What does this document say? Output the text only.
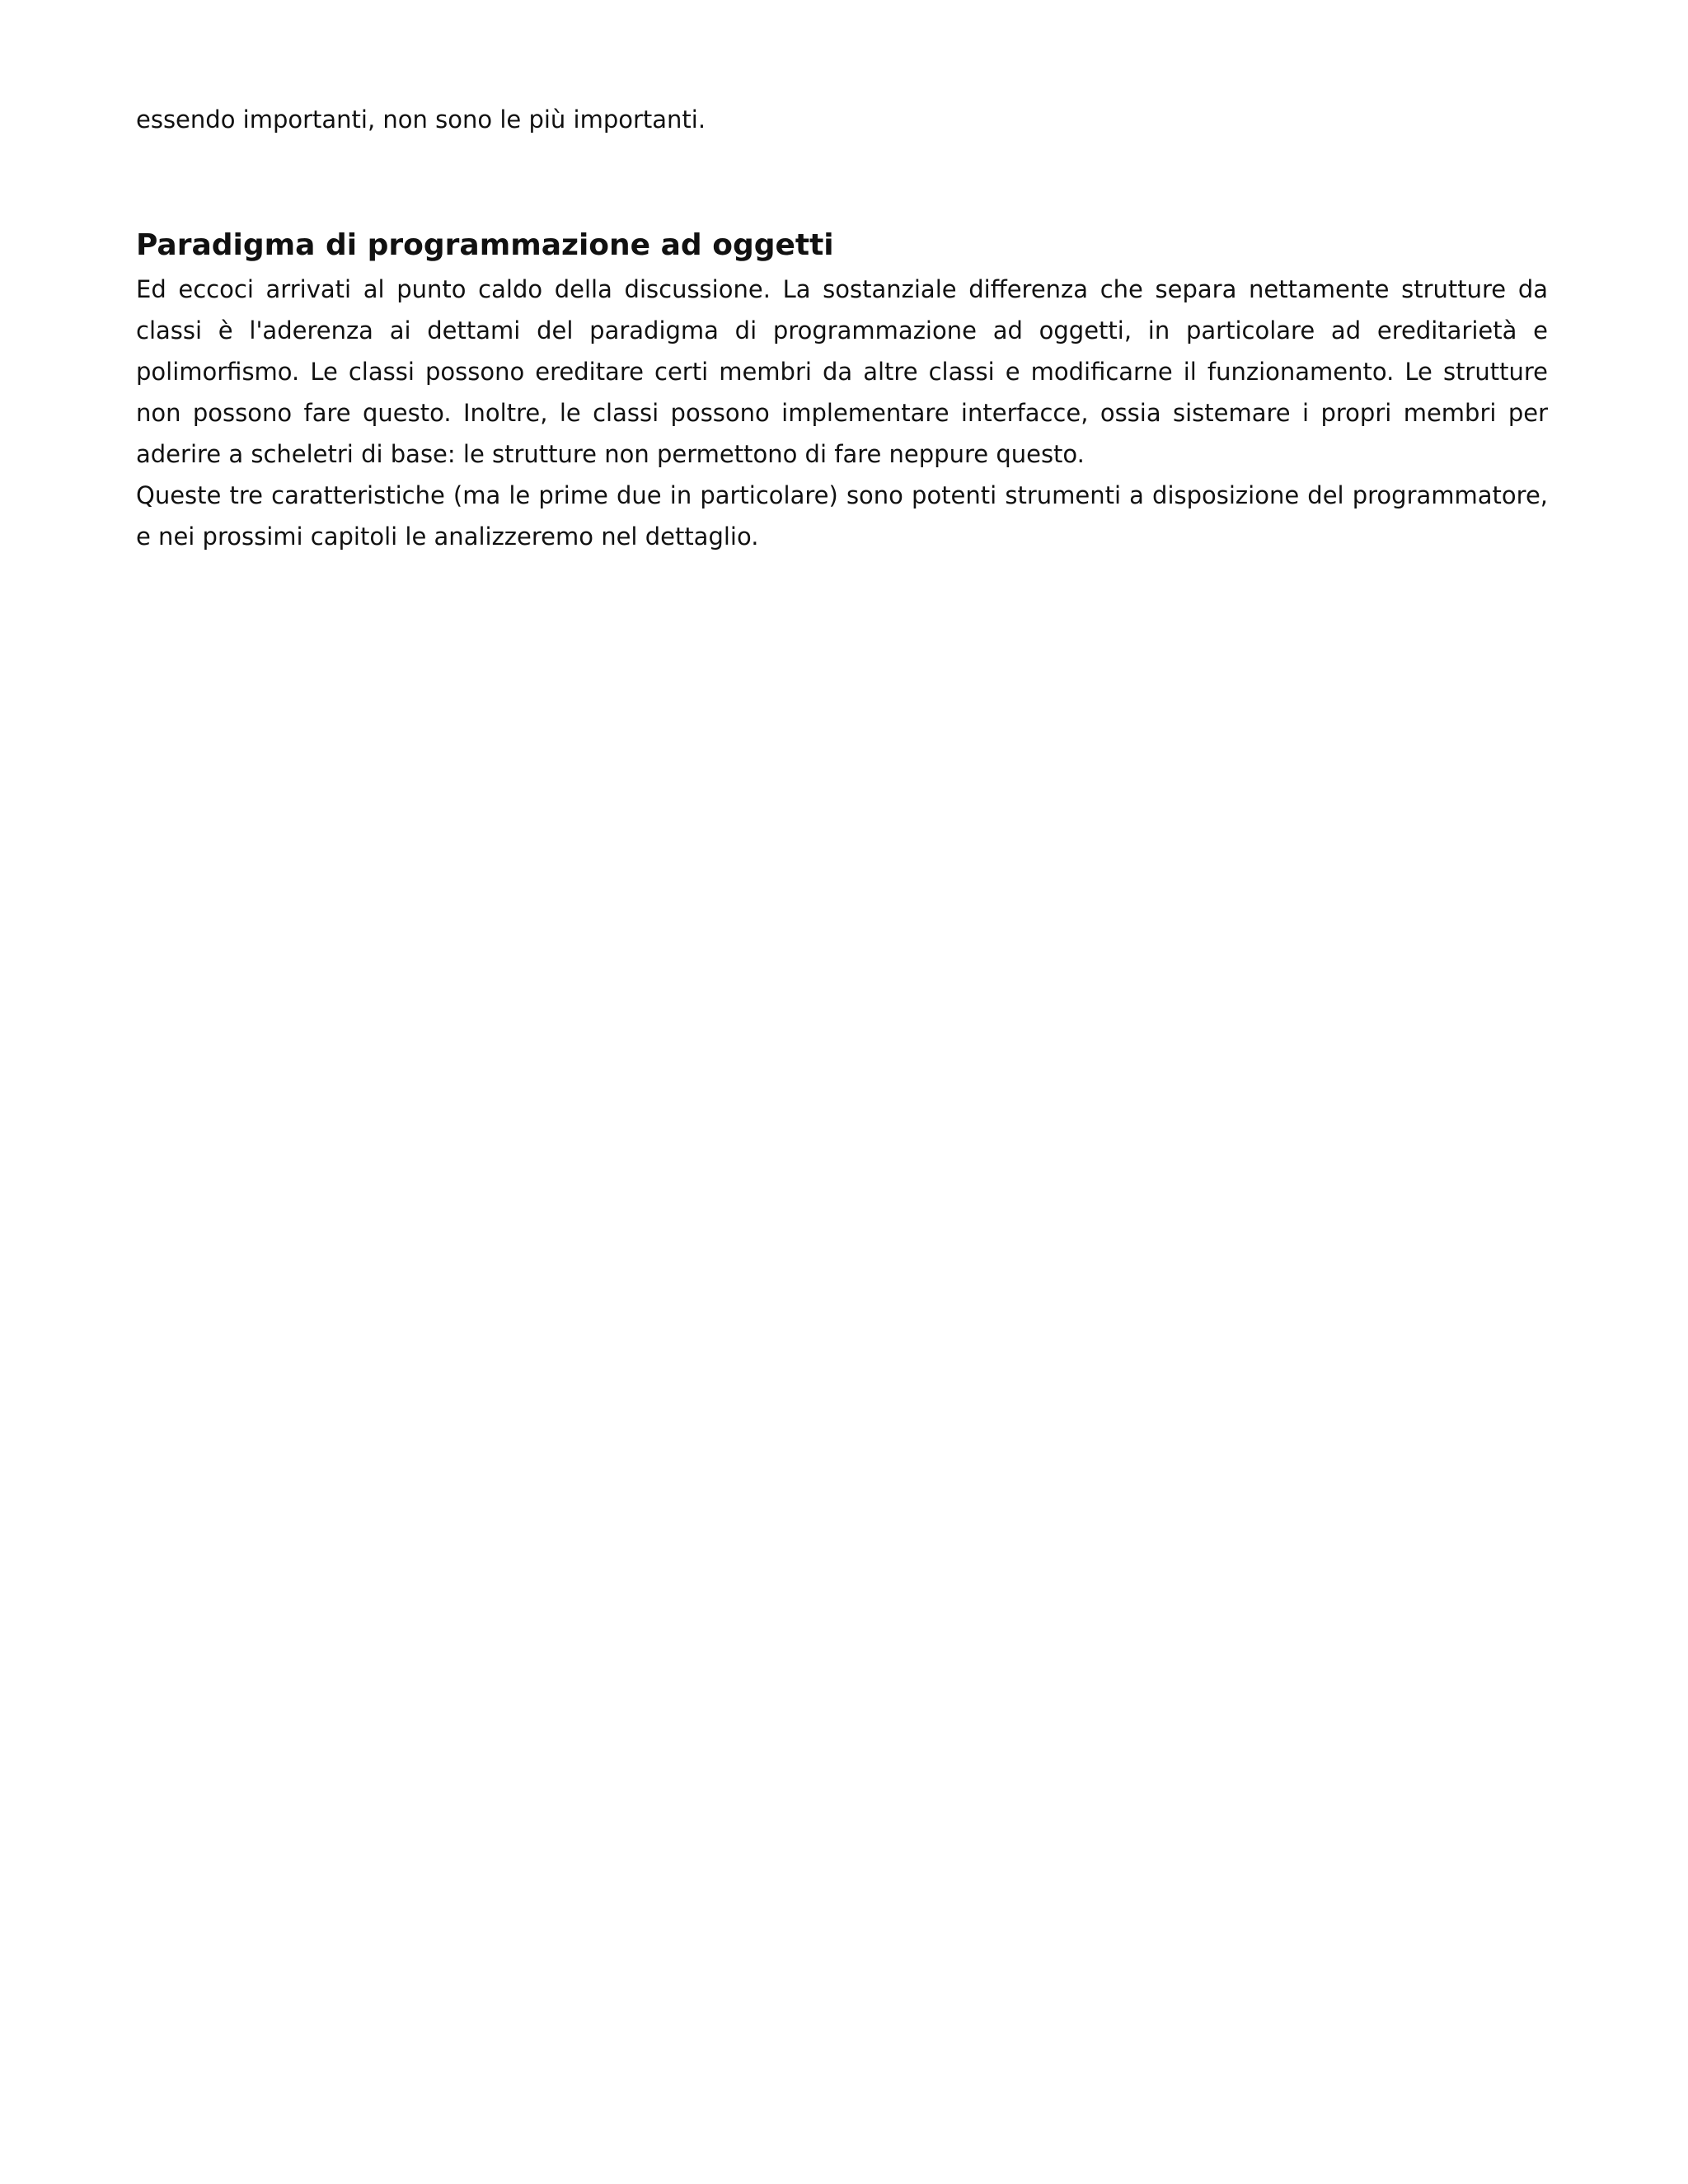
essendo importanti, non sono le più importanti.

Paradigma di programmazione ad oggetti

Ed eccoci arrivati al punto caldo della discussione. La sostanziale differenza che separa nettamente strutture da classi è l'aderenza ai dettami del paradigma di programmazione ad oggetti, in particolare ad ereditarietà e polimorfismo. Le classi possono ereditare certi membri da altre classi e modificarne il funzionamento. Le strutture non possono fare questo. Inoltre, le classi possono implementare interfacce, ossia sistemare i propri membri per aderire a scheletri di base: le strutture non permettono di fare neppure questo.

Queste tre caratteristiche (ma le prime due in particolare) sono potenti strumenti a disposizione del programmatore, e nei prossimi capitoli le analizzeremo nel dettaglio.
